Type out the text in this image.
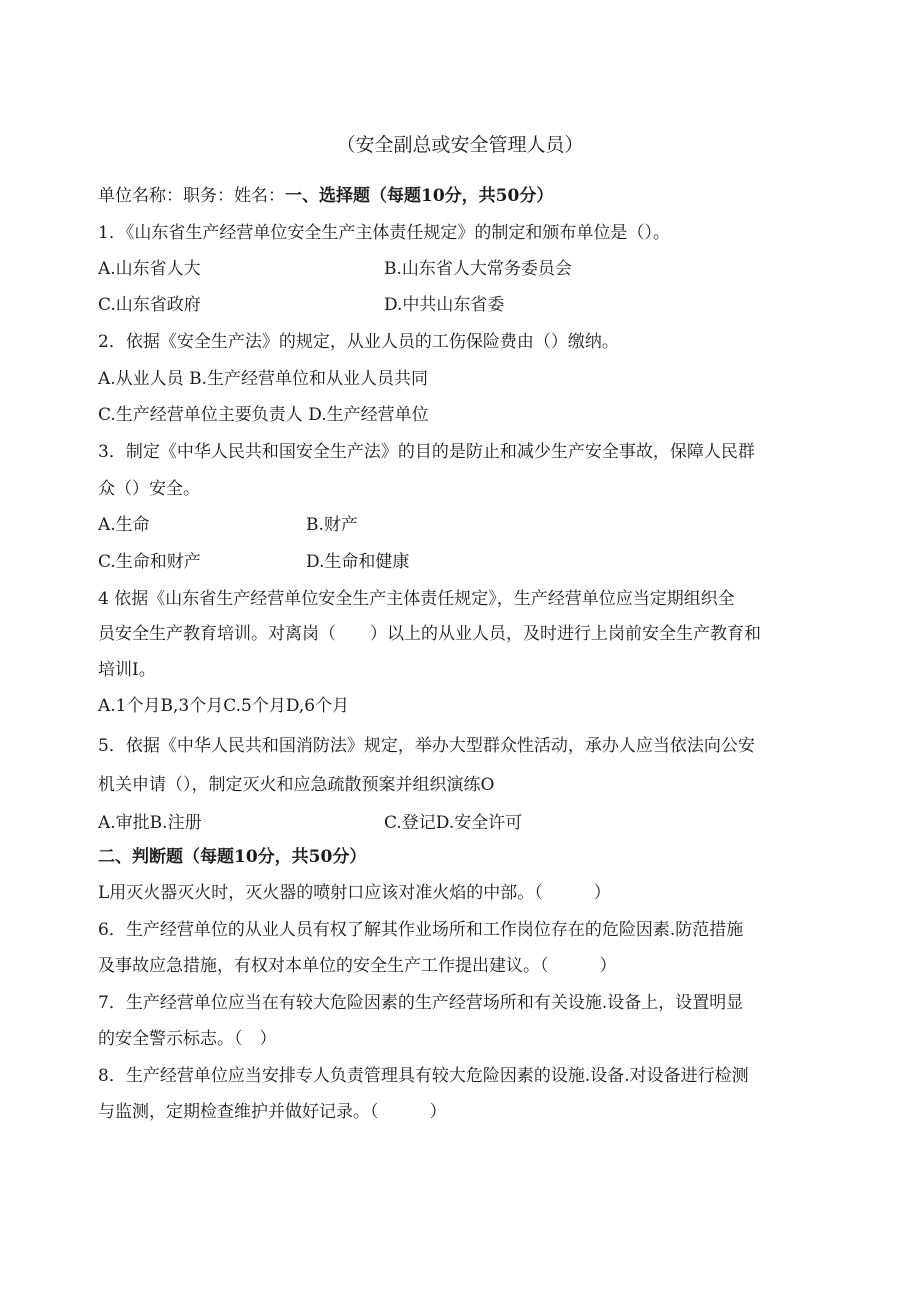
（安全副总或安全管理人员）
单位名称：职务：姓名：一、选择题（每题10分，共50分）
1．《山东省生产经营单位安全生产主体责任规定》的制定和颁布单位是（）。
A.山东省人大	B.山东省人大常务委员会
C.山东省政府	D.中共山东省委
2．依据《安全生产法》的规定，从业人员的工伤保险费由（）缴纳。
A.从业人员 B.生产经营单位和从业人员共同
C.生产经营单位主要负责人 D.生产经营单位
3．制定《中华人民共和国安全生产法》的目的是防止和减少生产安全事故，保障人民群
众（）安全。
A.生命	B.财产
C.生命和财产	D.生命和健康
4 依据《山东省生产经营单位安全生产主体责任规定》，生产经营单位应当定期组织全
员安全生产教育培训。对离岗（　　）以上的从业人员，及时进行上岗前安全生产教育和
培训I。
A.1个月B,3个月C.5个月D,6个月
5．依据《中华人民共和国消防法》规定，举办大型群众性活动，承办人应当依法向公安
机关申请（），制定灭火和应急疏散预案并组织演练O
A.审批B.注册	C.登记D.安全许可
二、判断题（每题10分，共50分）
L用灭火器灭火时，灭火器的喷射口应该对准火焰的中部。（　　　）
6．生产经营单位的从业人员有权了解其作业场所和工作岗位存在的危险因素.防范措施
及事故应急措施，有权对本单位的安全生产工作提出建议。（　　　）
7．生产经营单位应当在有较大危险因素的生产经营场所和有关设施.设备上，设置明显
的安全警示标志。（　）
8．生产经营单位应当安排专人负责管理具有较大危险因素的设施.设备.对设备进行检测
与监测，定期检查维护并做好记录。（　　　）
